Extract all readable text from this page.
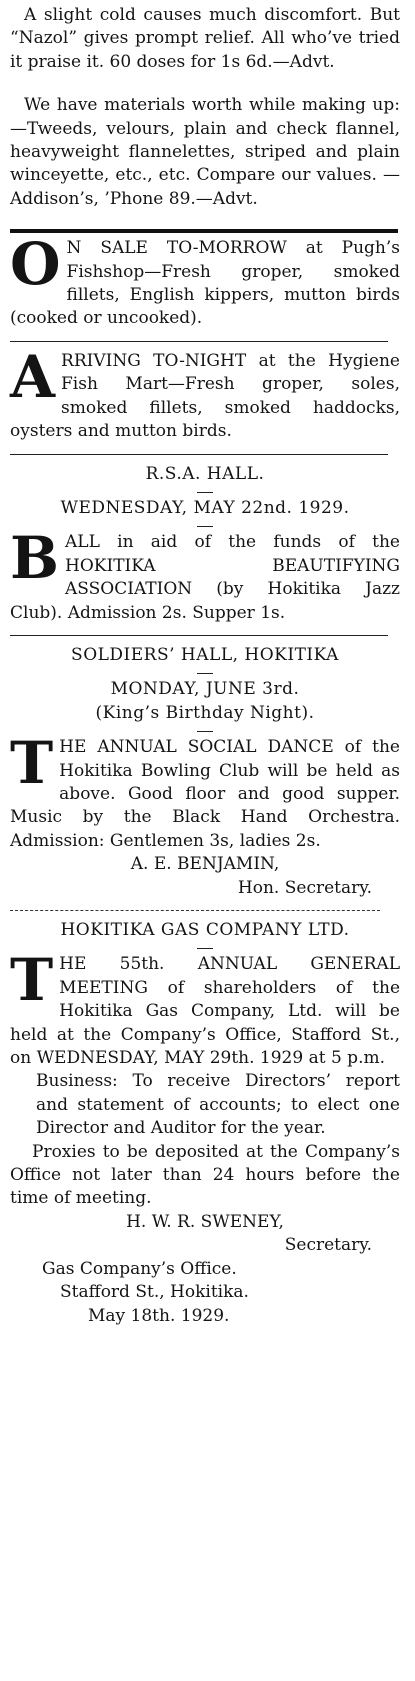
A slight cold causes much discomfort. But “Nazol” gives prompt relief. All who’ve tried it praise it. 60 doses for 1s 6d.—Advt.

We have materials worth while making up:—Tweeds, velours, plain and check flannel, heavyweight flannelettes, striped and plain winceyette, etc., etc. Compare our values. — Addison’s, ’Phone 89.—Advt.

O N SALE TO-MORROW at Pugh’s Fishshop—Fresh groper, smoked fillets, English kippers, mutton birds (cooked or uncooked).
ARRIVING TO-NIGHT at the Hygiene Fish Mart—Fresh groper, soles, smoked fillets, smoked haddocks, oysters and mutton birds.
R.S.A. HALL.
WEDNESDAY, MAY 22nd. 1929.
BALL in aid of the funds of the HOKITIKA BEAUTIFYING ASSOCIATION (by Hokitika Jazz Club). Admission 2s. Supper 1s.
SOLDIERS’ HALL, HOKITIKA
MONDAY, JUNE 3rd.
(King’s Birthday Night).
THE ANNUAL SOCIAL DANCE of the Hokitika Bowling Club will be held as above. Good floor and good supper. Music by the Black Hand Orchestra. Admission: Gentlemen 3s, ladies 2s.
A. E. BENJAMIN,
Hon. Secretary.
HOKITIKA GAS COMPANY LTD.
THE 55th. ANNUAL GENERAL MEETING of shareholders of the Hokitika Gas Company, Ltd. will be held at the Company’s Office, Stafford St., on WEDNESDAY, MAY 29th. 1929 at 5 p.m.
Business: To receive Directors’ report and statement of accounts; to elect one Director and Auditor for the year.
Proxies to be deposited at the Company’s Office not later than 24 hours before the time of meeting.
H. W. R. SWENEY,
Secretary.
Gas Company’s Office.
Stafford St., Hokitika.
May 18th. 1929.
